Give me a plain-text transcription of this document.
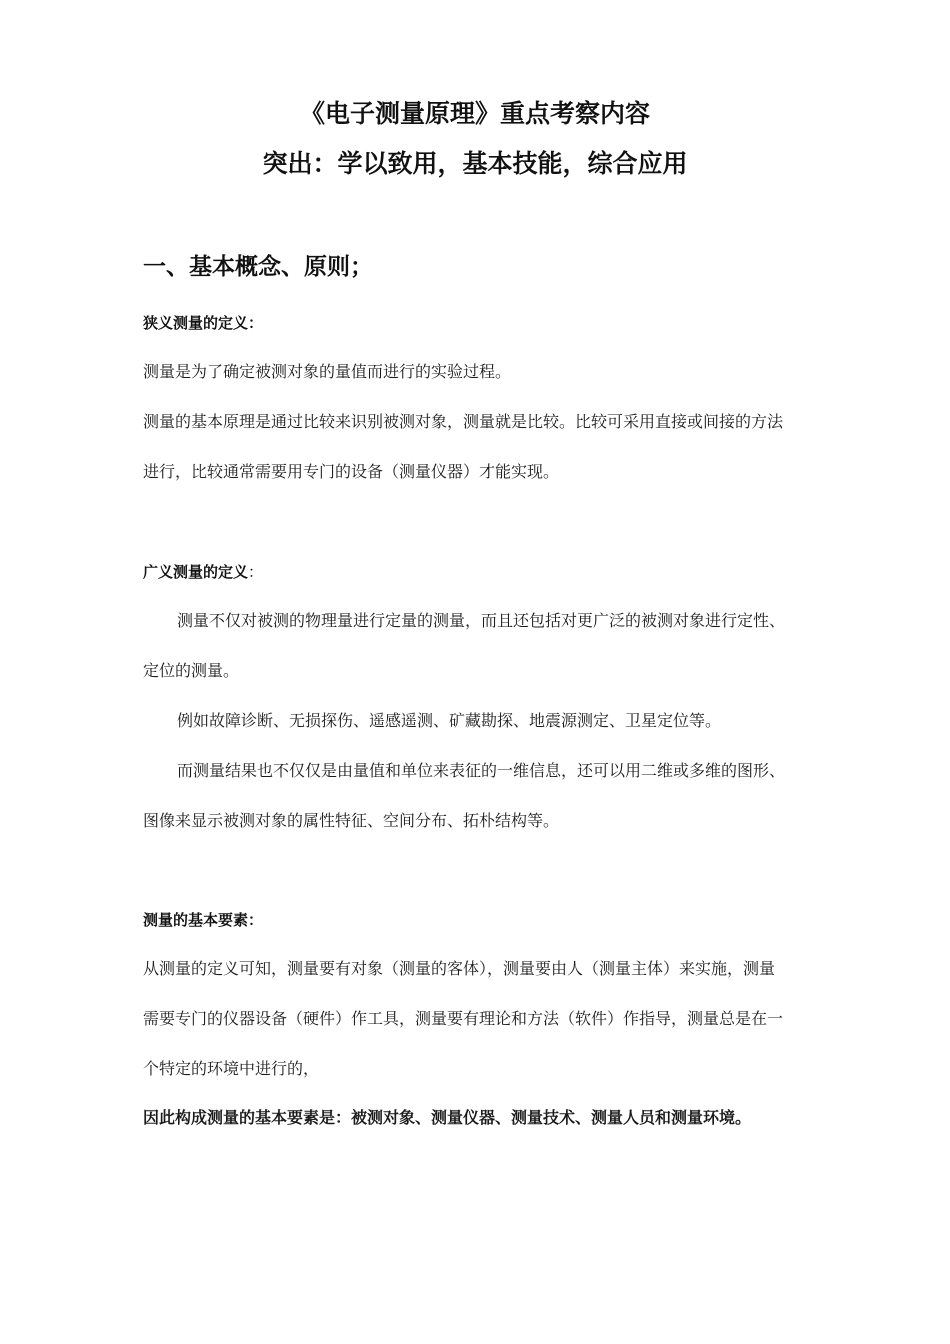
《电子测量原理》重点考察内容
突出：学以致用，基本技能，综合应用
一、基本概念、原则；
狭义测量的定义：
测量是为了确定被测对象的量值而进行的实验过程。
测量的基本原理是通过比较来识别被测对象，测量就是比较。比较可采用直接或间接的方法
进行，比较通常需要用专门的设备（测量仪器）才能实现。
广义测量的定义：
测量不仅对被测的物理量进行定量的测量，而且还包括对更广泛的被测对象进行定性、
定位的测量。
例如故障诊断、无损探伤、遥感遥测、矿藏勘探、地震源测定、卫星定位等。
而测量结果也不仅仅是由量值和单位来表征的一维信息，还可以用二维或多维的图形、
图像来显示被测对象的属性特征、空间分布、拓朴结构等。
测量的基本要素：
从测量的定义可知，测量要有对象（测量的客体），测量要由人（测量主体）来实施，测量
需要专门的仪器设备（硬件）作工具，测量要有理论和方法（软件）作指导，测量总是在一
个特定的环境中进行的，
因此构成测量的基本要素是：被测对象、测量仪器、测量技术、测量人员和测量环境。
